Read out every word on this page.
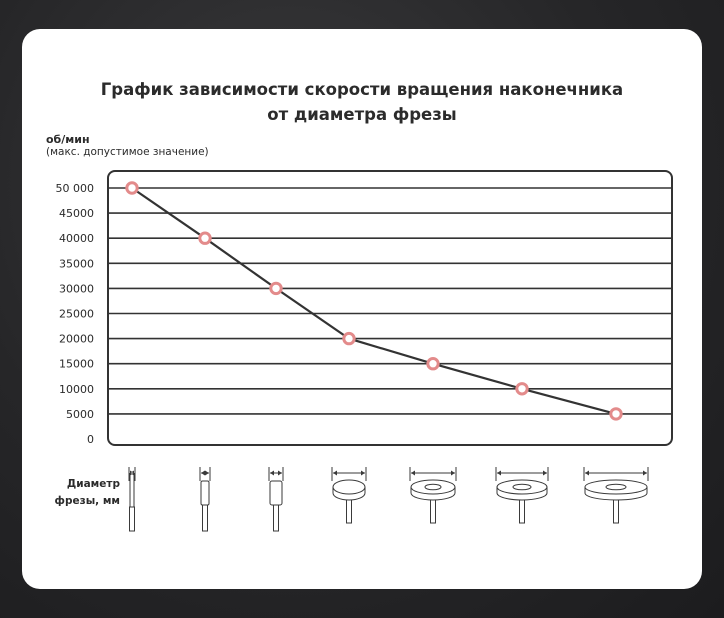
График зависимости скорости вращения наконечника
от диаметра фрезы
об/мин
(макс. допустимое значение)
Диаметр
фрезы, мм
0
5000
10000
15000
20000
25000
30000
35000
40000
45000
50 000
